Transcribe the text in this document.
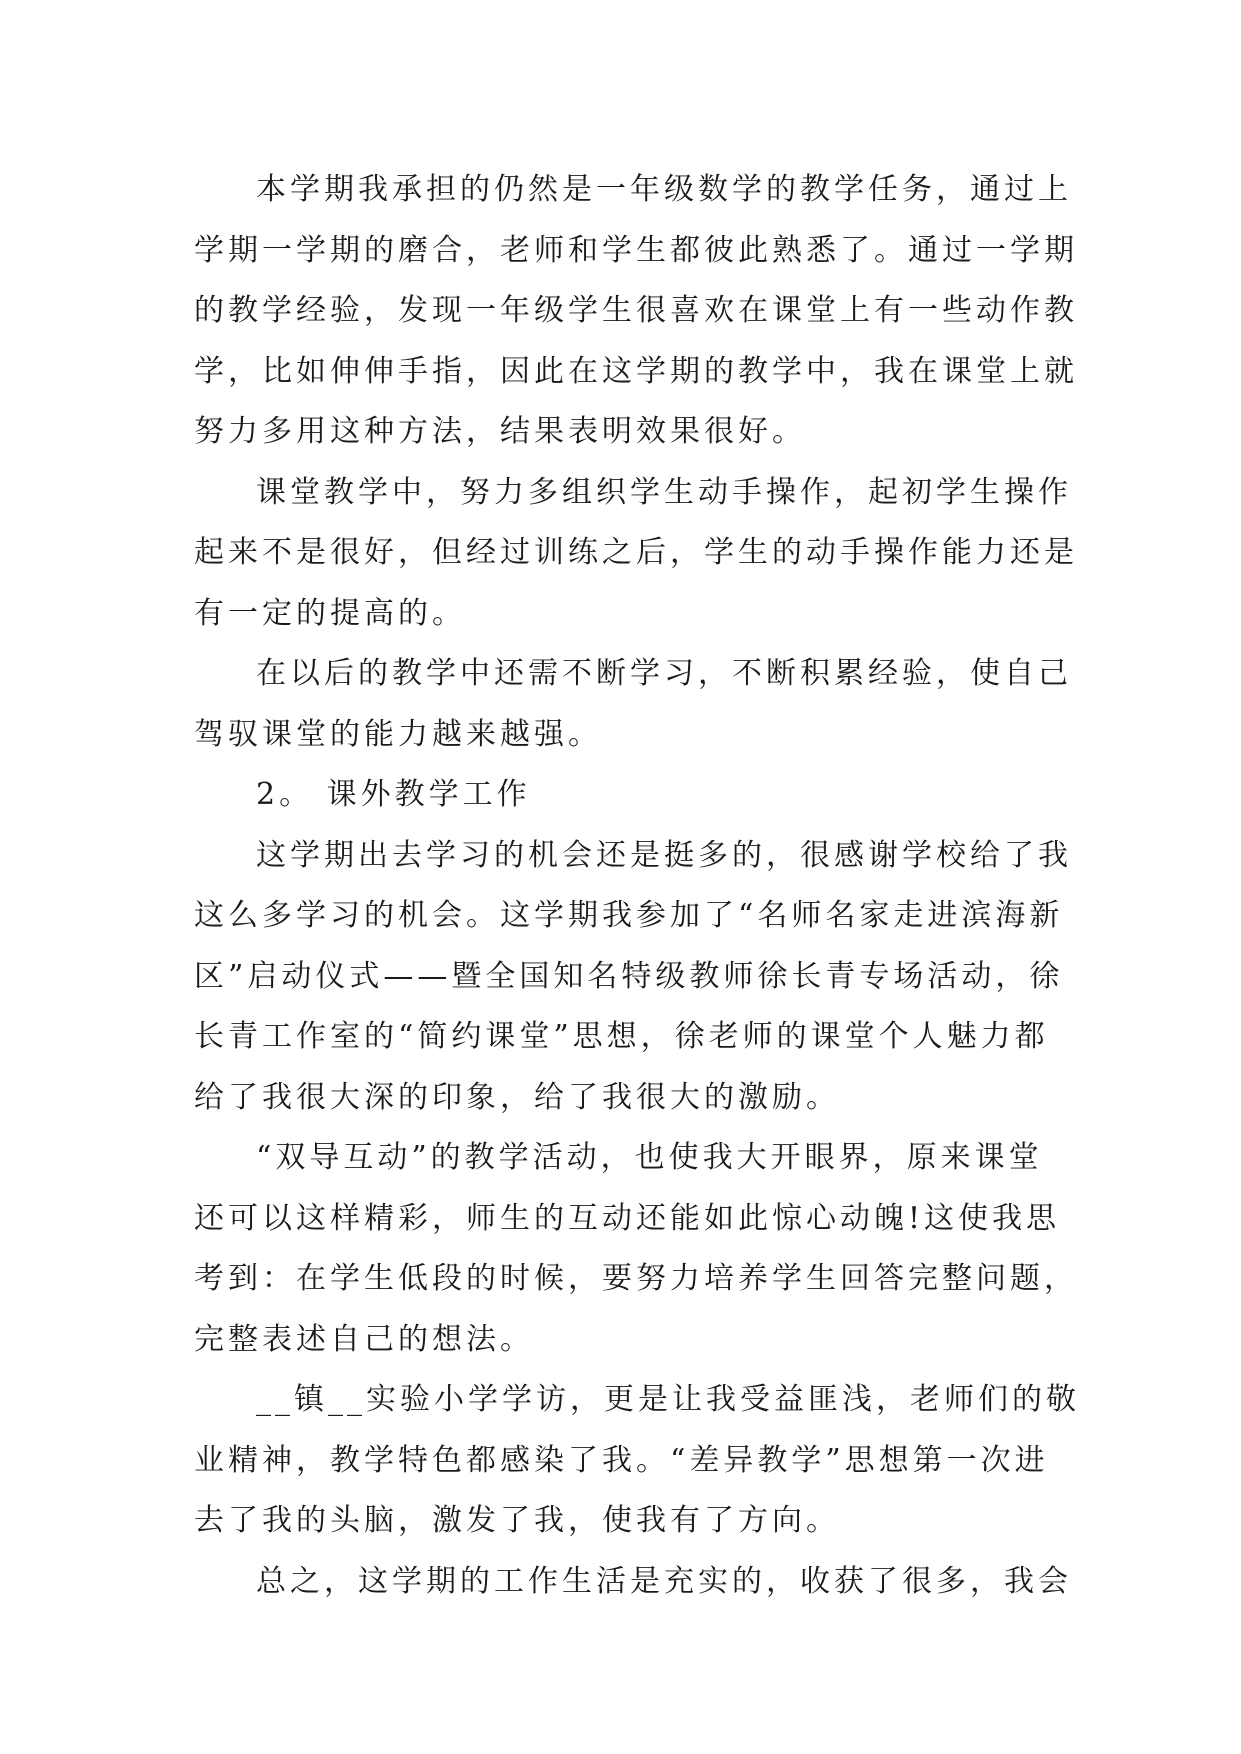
本学期我承担的仍然是一年级数学的教学任务，通过上
学期一学期的磨合，老师和学生都彼此熟悉了。通过一学期
的教学经验，发现一年级学生很喜欢在课堂上有一些动作教
学，比如伸伸手指，因此在这学期的教学中，我在课堂上就
努力多用这种方法，结果表明效果很好。
课堂教学中，努力多组织学生动手操作，起初学生操作
起来不是很好，但经过训练之后，学生的动手操作能力还是
有一定的提高的。
在以后的教学中还需不断学习，不断积累经验，使自己
驾驭课堂的能力越来越强。
2。 课外教学工作
这学期出去学习的机会还是挺多的，很感谢学校给了我
这么多学习的机会。这学期我参加了“名师名家走进滨海新
区”启动仪式——暨全国知名特级教师徐长青专场活动，徐
长青工作室的“简约课堂”思想，徐老师的课堂个人魅力都
给了我很大深的印象，给了我很大的激励。
“双导互动”的教学活动，也使我大开眼界，原来课堂
还可以这样精彩，师生的互动还能如此惊心动魄!这使我思
考到：在学生低段的时候，要努力培养学生回答完整问题，
完整表述自己的想法。
__镇__实验小学学访，更是让我受益匪浅，老师们的敬
业精神，教学特色都感染了我。“差异教学”思想第一次进
去了我的头脑，激发了我，使我有了方向。
总之，这学期的工作生活是充实的，收获了很多，我会
